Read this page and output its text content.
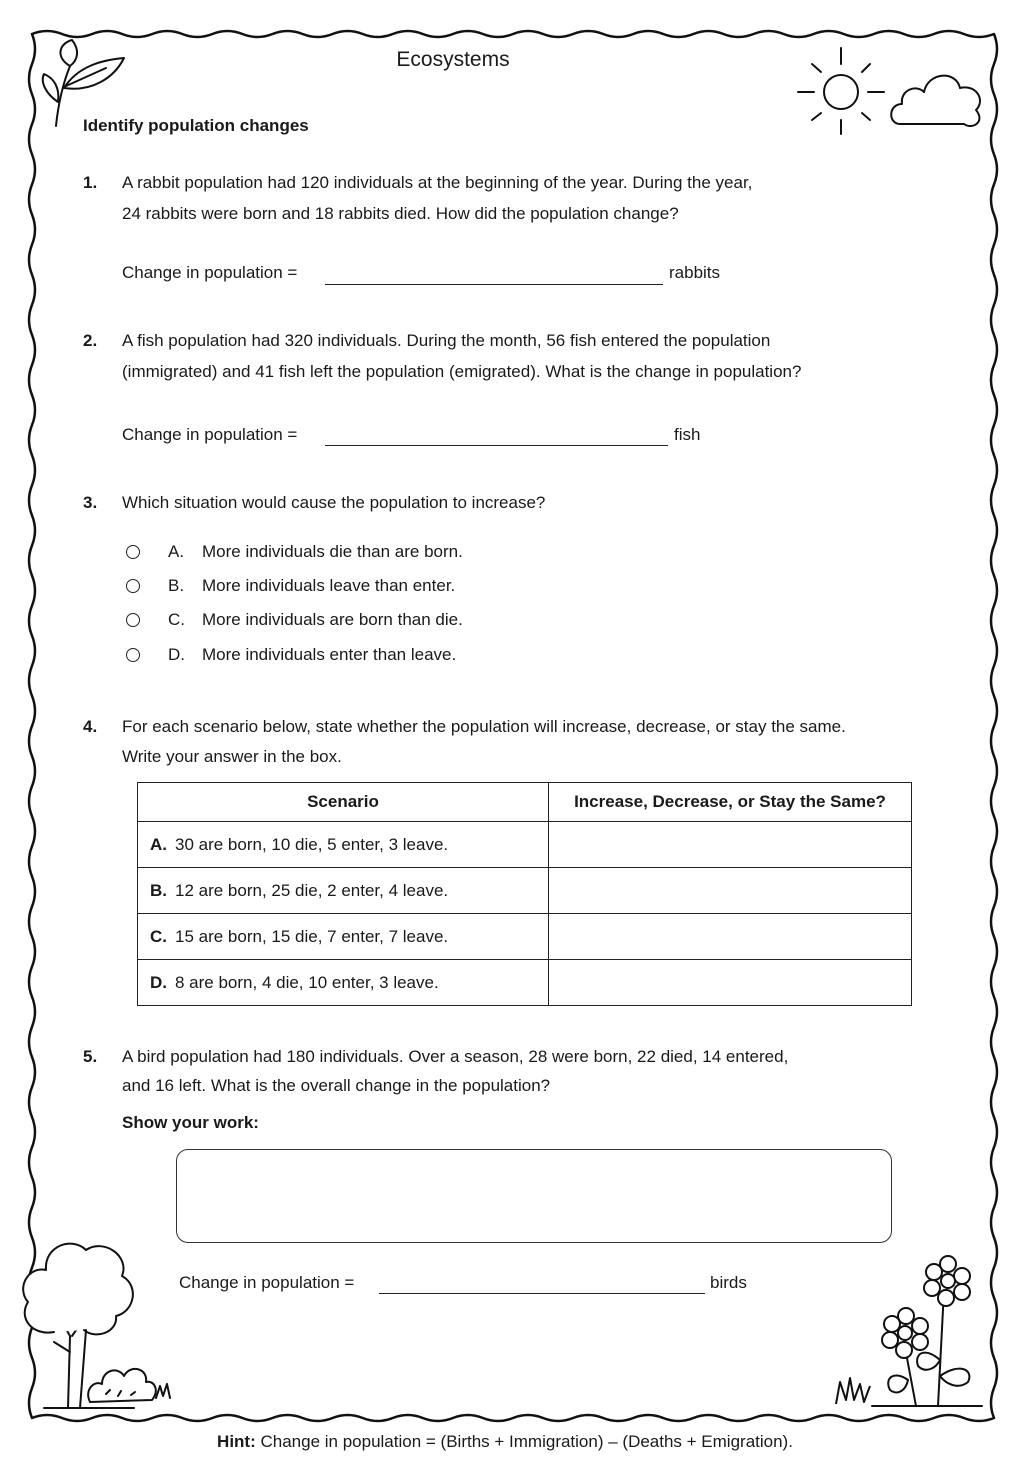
Ecosystems
Identify population changes
1. A rabbit population had 120 individuals at the beginning of the year. During the year,
24 rabbits were born and 18 rabbits died. How did the population change?
Change in population =	rabbits
2. A fish population had 320 individuals. During the month, 56 fish entered the population
(immigrated) and 41 fish left the population (emigrated). What is the change in population?
Change in population =	fish
3. Which situation would cause the population to increase?
A. More individuals die than are born.
B. More individuals leave than enter.
C. More individuals are born than die.
D. More individuals enter than leave.
4. For each scenario below, state whether the population will increase, decrease, or stay the same.
Write your answer in the box.
Scenario	Increase, Decrease, or Stay the Same?
A. 30 are born, 10 die, 5 enter, 3 leave.	
B. 12 are born, 25 die, 2 enter, 4 leave.	
C. 15 are born, 15 die, 7 enter, 7 leave.	
D. 8 are born, 4 die, 10 enter, 3 leave.	
5. A bird population had 180 individuals. Over a season, 28 were born, 22 died, 14 entered,
and 16 left. What is the overall change in the population?
Show your work:
Change in population =	birds
Hint: Change in population = (Births + Immigration) – (Deaths + Emigration).
